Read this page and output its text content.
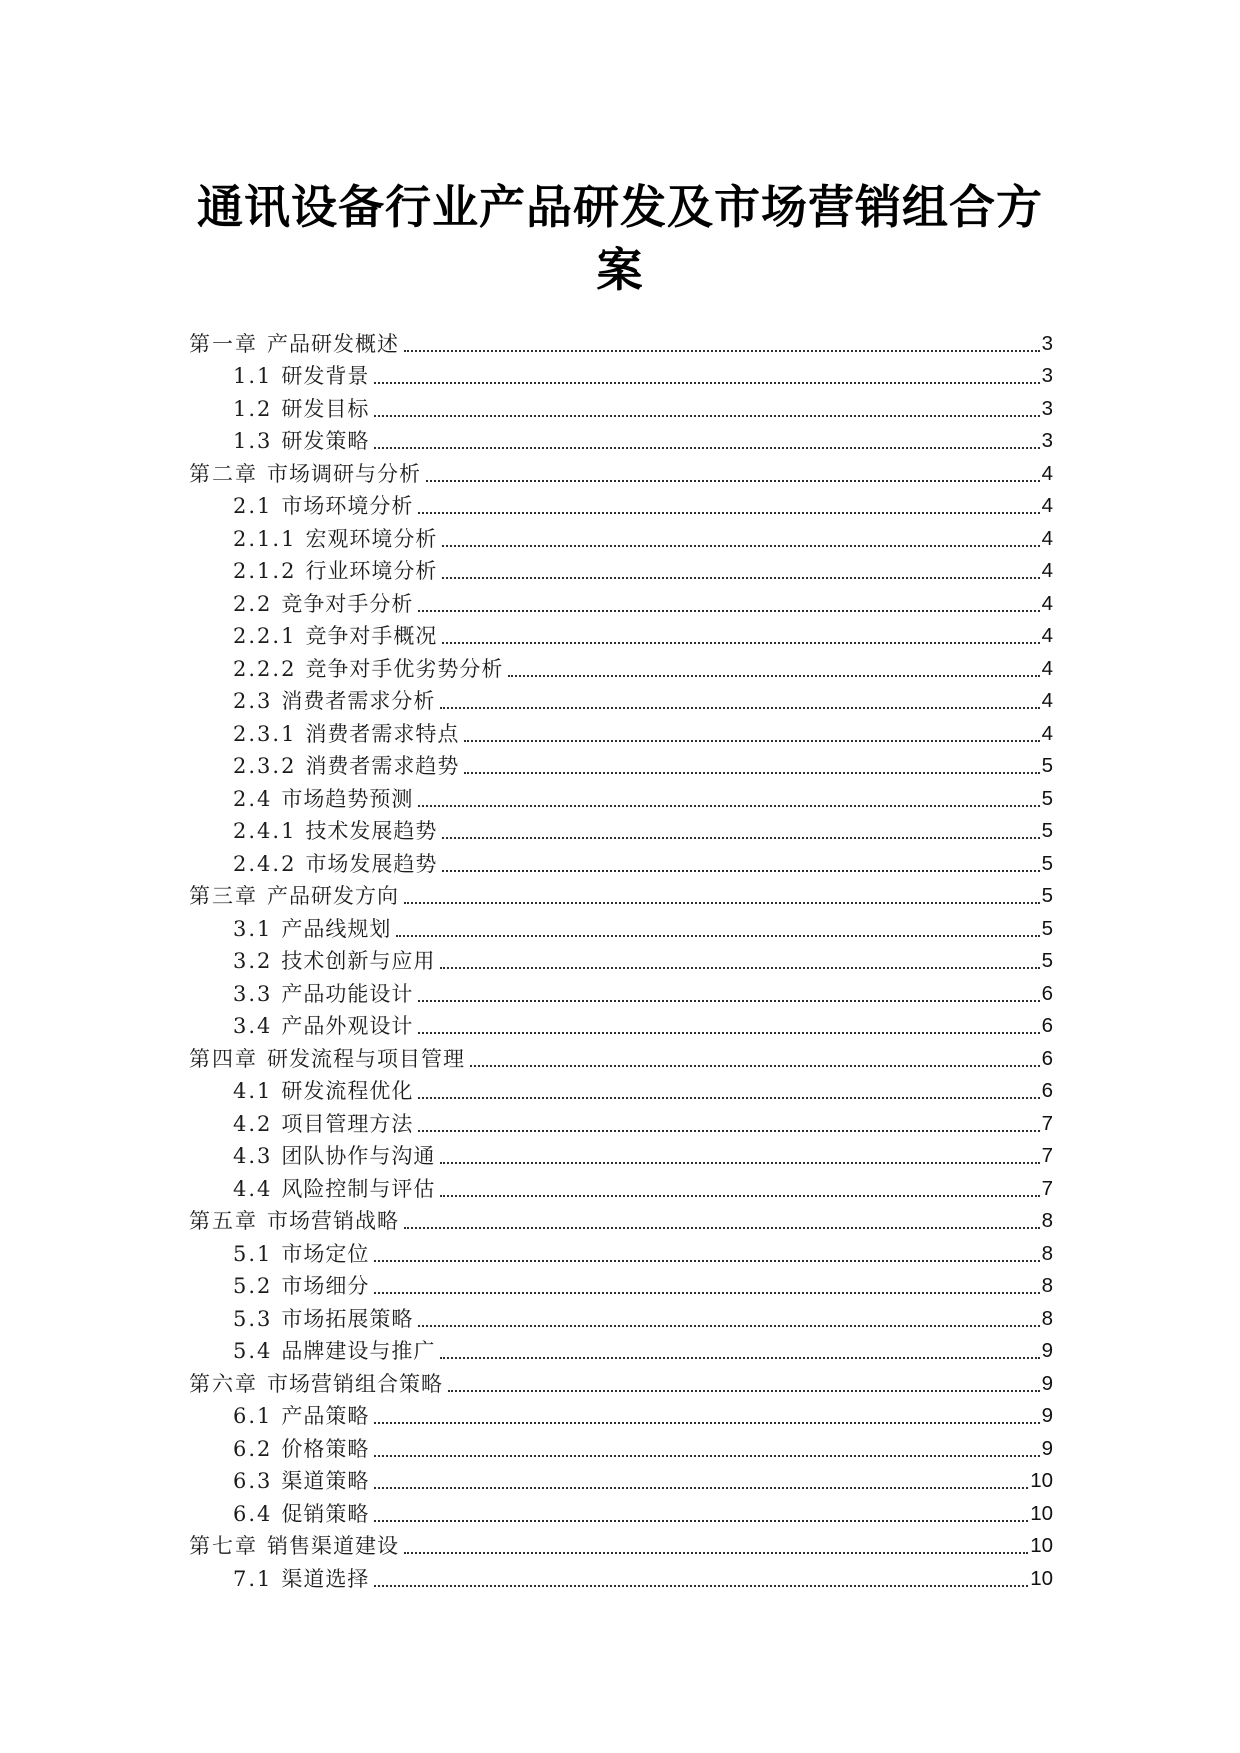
通讯设备行业产品研发及市场营销组合方
案
第一章 产品研发概述	3
1.1 研发背景	3
1.2 研发目标	3
1.3 研发策略	3
第二章 市场调研与分析	4
2.1 市场环境分析	4
2.1.1 宏观环境分析	4
2.1.2 行业环境分析	4
2.2 竞争对手分析	4
2.2.1 竞争对手概况	4
2.2.2 竞争对手优劣势分析	4
2.3 消费者需求分析	4
2.3.1 消费者需求特点	4
2.3.2 消费者需求趋势	5
2.4 市场趋势预测	5
2.4.1 技术发展趋势	5
2.4.2 市场发展趋势	5
第三章 产品研发方向	5
3.1 产品线规划	5
3.2 技术创新与应用	5
3.3 产品功能设计	6
3.4 产品外观设计	6
第四章 研发流程与项目管理	6
4.1 研发流程优化	6
4.2 项目管理方法	7
4.3 团队协作与沟通	7
4.4 风险控制与评估	7
第五章 市场营销战略	8
5.1 市场定位	8
5.2 市场细分	8
5.3 市场拓展策略	8
5.4 品牌建设与推广	9
第六章 市场营销组合策略	9
6.1 产品策略	9
6.2 价格策略	9
6.3 渠道策略	10
6.4 促销策略	10
第七章 销售渠道建设	10
7.1 渠道选择	10
